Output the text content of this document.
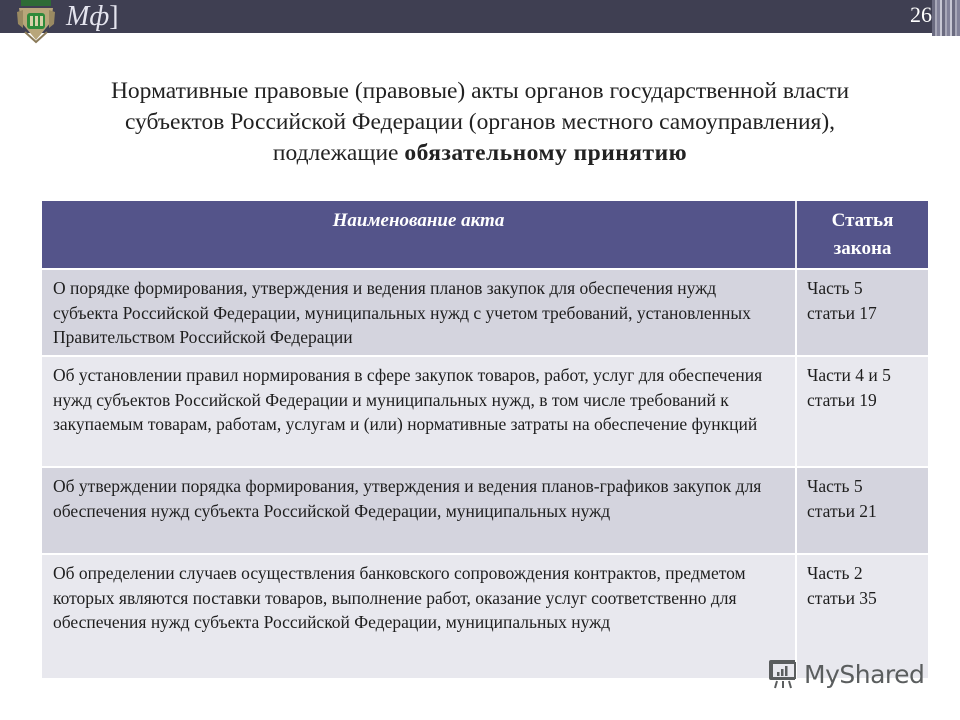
Мф]	26
Нормативные правовые (правовые) акты органов государственной власти
субъектов Российской Федерации (органов местного самоуправления),
подлежащие обязательному принятию
Наименование акта	Статья
закона
О порядке формирования, утверждения и ведения планов закупок для обеспечения нужд субъекта Российской Федерации, муниципальных нужд с учетом требований, установленных Правительством Российской Федерации
Часть 5
статьи 17
Об установлении правил нормирования в сфере закупок товаров, работ, услуг для обеспечения нужд субъектов Российской Федерации и муниципальных нужд, в том числе требований к закупаемым товарам, работам, услугам и (или) нормативные затраты на обеспечение функций
Части 4 и 5
статьи 19
Об утверждении порядка формирования, утверждения и ведения планов-графиков закупок для обеспечения нужд субъекта Российской Федерации, муниципальных нужд
Часть 5
статьи 21
Об определении случаев осуществления банковского сопровождения контрактов, предметом которых являются поставки товаров, выполнение работ, оказание услуг соответственно для обеспечения нужд субъекта Российской Федерации, муниципальных нужд
Часть 2
статьи 35
MyShared
